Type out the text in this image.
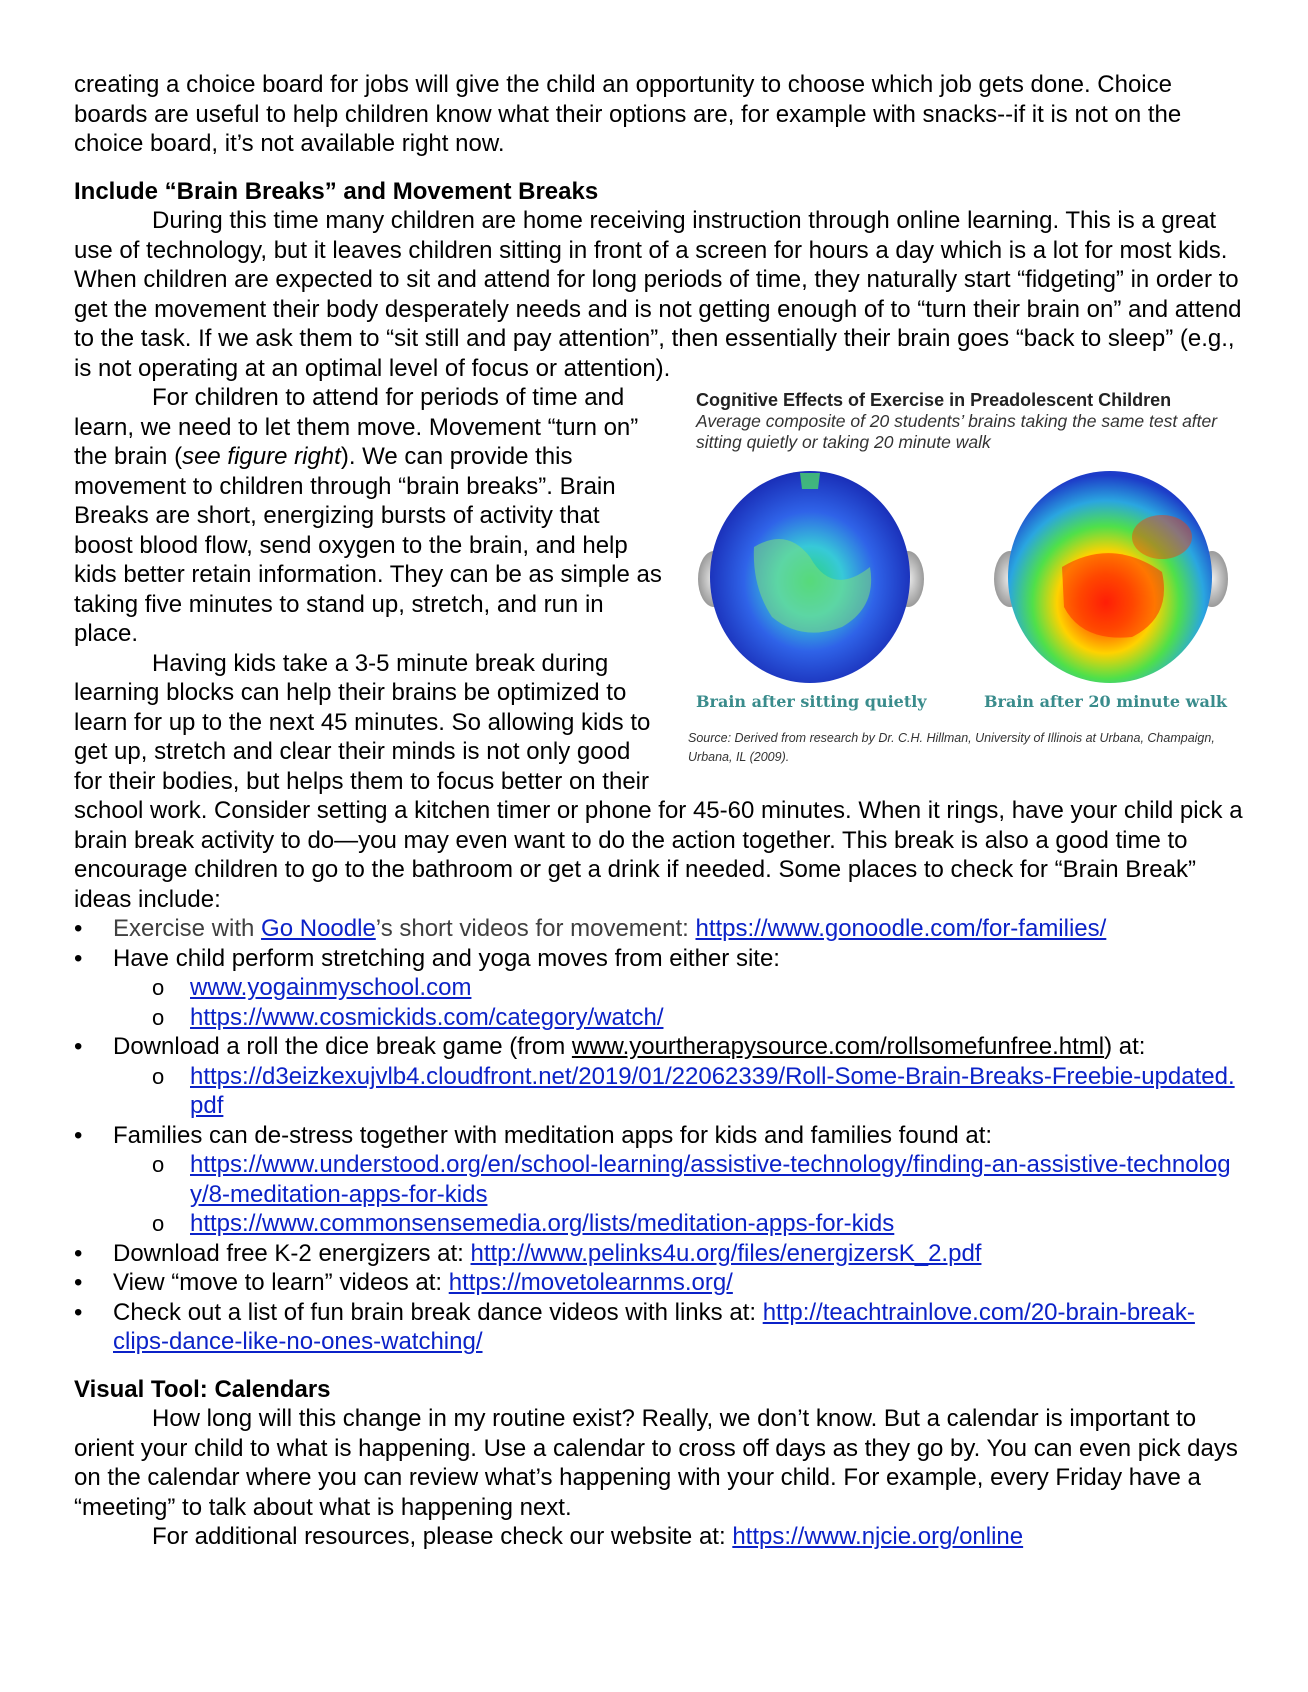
creating a choice board for jobs will give the child an opportunity to choose which job gets done. Choice boards are useful to help children know what their options are, for example with snacks--if it is not on the choice board, it’s not available right now.

Include “Brain Breaks” and Movement Breaks

During this time many children are home receiving instruction through online learning. This is a great use of technology, but it leaves children sitting in front of a screen for hours a day which is a lot for most kids. When children are expected to sit and attend for long periods of time, they naturally start “fidgeting” in order to get the movement their body desperately needs and is not getting enough of to “turn their brain on” and attend to the task. If we ask them to “sit still and pay attention”, then essentially their brain goes “back to sleep” (e.g., is not operating at an optimal level of focus or attention).

Cognitive Effects of Exercise in Preadolescent Children
Average composite of 20 students’ brains taking the same test after sitting quietly or taking 20 minute walk
Brain after sitting quietly	Brain after 20 minute walk
Source: Derived from research by Dr. C.H. Hillman, University of Illinois at Urbana, Champaign, Urbana, IL (2009).

For children to attend for periods of time and learn, we need to let them move. Movement “turn on” the brain (see figure right). We can provide this movement to children through “brain breaks”. Brain Breaks are short, energizing bursts of activity that boost blood flow, send oxygen to the brain, and help kids better retain information. They can be as simple as taking five minutes to stand up, stretch, and run in place.

Having kids take a 3-5 minute break during learning blocks can help their brains be optimized to learn for up to the next 45 minutes. So allowing kids to get up, stretch and clear their minds is not only good for their bodies, but helps them to focus better on their school work. Consider setting a kitchen timer or phone for 45-60 minutes. When it rings, have your child pick a brain break activity to do—you may even want to do the action together. This break is also a good time to encourage children to go to the bathroom or get a drink if needed. Some places to check for “Brain Break” ideas include:

• Exercise with Go Noodle’s short videos for movement: https://www.gonoodle.com/for-families/
• Have child perform stretching and yoga moves from either site:
o www.yogainmyschool.com
o https://www.cosmickids.com/category/watch/
• Download a roll the dice break game (from www.yourtherapysource.com/rollsomefunfree.html) at:
o https://d3eizkexujvlb4.cloudfront.net/2019/01/22062339/Roll-Some-Brain-Breaks-Freebie-updated.pdf
• Families can de-stress together with meditation apps for kids and families found at:
o https://www.understood.org/en/school-learning/assistive-technology/finding-an-assistive-technology/8-meditation-apps-for-kids
o https://www.commonsensemedia.org/lists/meditation-apps-for-kids
• Download free K-2 energizers at: http://www.pelinks4u.org/files/energizersK_2.pdf
• View “move to learn” videos at: https://movetolearnms.org/
• Check out a list of fun brain break dance videos with links at: http://teachtrainlove.com/20-brain-break-clips-dance-like-no-ones-watching/
Visual Tool: Calendars

How long will this change in my routine exist? Really, we don’t know. But a calendar is important to orient your child to what is happening. Use a calendar to cross off days as they go by. You can even pick days on the calendar where you can review what’s happening with your child. For example, every Friday have a “meeting” to talk about what is happening next.

For additional resources, please check our website at: https://www.njcie.org/online
